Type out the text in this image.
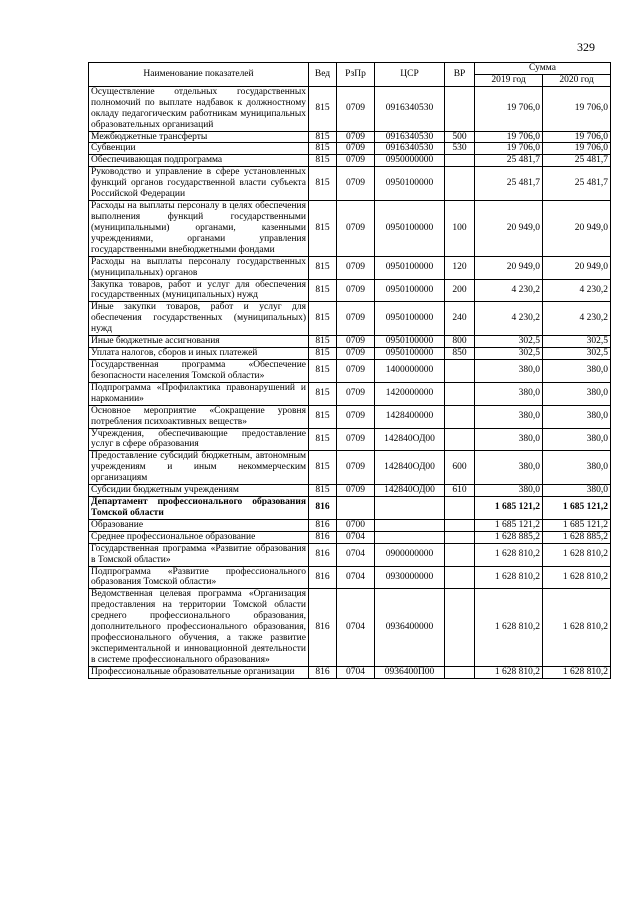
329
Наименование показателей	Вед	РзПр	ЦСР	ВР	Сумма	
					2019 год	2020 год
Осуществление отдельных государственных полномочий по выплате надбавок к должностному окладу педагогическим работникам муниципальных образовательных организаций	815	0709	0916340530		19 706,0	19 706,0
Межбюджетные трансферты	815	0709	0916340530	500	19 706,0	19 706,0
Субвенции	815	0709	0916340530	530	19 706,0	19 706,0
Обеспечивающая подпрограмма	815	0709	0950000000		25 481,7	25 481,7
Руководство и управление в сфере установленных функций органов государственной власти субъекта Российской Федерации	815	0709	0950100000		25 481,7	25 481,7
Расходы на выплаты персоналу в целях обеспечения выполнения функций государственными (муниципальными) органами, казенными учреждениями, органами управления государственными внебюджетными фондами	815	0709	0950100000	100	20 949,0	20 949,0
Расходы на выплаты персоналу государственных (муниципальных) органов	815	0709	0950100000	120	20 949,0	20 949,0
Закупка товаров, работ и услуг для обеспечения государственных (муниципальных) нужд	815	0709	0950100000	200	4 230,2	4 230,2
Иные закупки товаров, работ и услуг для обеспечения государственных (муниципальных) нужд	815	0709	0950100000	240	4 230,2	4 230,2
Иные бюджетные ассигнования	815	0709	0950100000	800	302,5	302,5
Уплата налогов, сборов и иных платежей	815	0709	0950100000	850	302,5	302,5
Государственная программа «Обеспечение безопасности населения Томской области»	815	0709	1400000000		380,0	380,0
Подпрограмма «Профилактика правонарушений и наркомании»	815	0709	1420000000		380,0	380,0
Основное мероприятие «Сокращение уровня потребления психоактивных веществ»	815	0709	1428400000		380,0	380,0
Учреждения, обеспечивающие предоставление услуг в сфере образования	815	0709	142840ОД00		380,0	380,0
Предоставление субсидий бюджетным, автономным учреждениям и иным некоммерческим организациям	815	0709	142840ОД00	600	380,0	380,0
Субсидии бюджетным учреждениям	815	0709	142840ОД00	610	380,0	380,0
Департамент профессионального образования Томской области	816				1 685 121,2	1 685 121,2
Образование	816	0700			1 685 121,2	1 685 121,2
Среднее профессиональное образование	816	0704			1 628 885,2	1 628 885,2
Государственная программа «Развитие образования в Томской области»	816	0704	0900000000		1 628 810,2	1 628 810,2
Подпрограмма «Развитие профессионального образования Томской области»	816	0704	0930000000		1 628 810,2	1 628 810,2
Ведомственная целевая программа «Организация предоставления на территории Томской области среднего профессионального образования, дополнительного профессионального образования, профессионального обучения, а также развитие экспериментальной и инновационной деятельности в системе профессионального образования»	816	0704	0936400000		1 628 810,2	1 628 810,2
Профессиональные образовательные организации	816	0704	0936400П00		1 628 810,2	1 628 810,2
